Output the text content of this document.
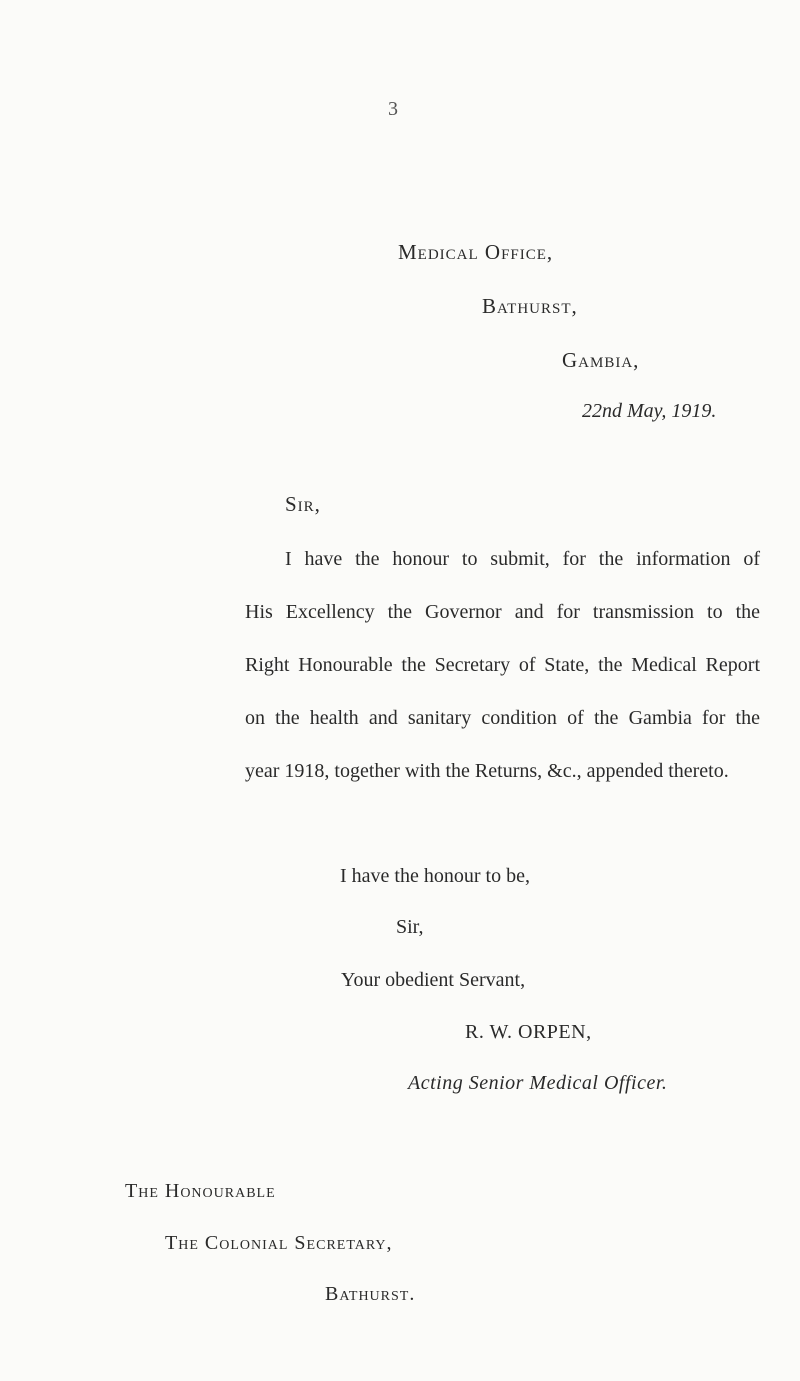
3
Medical Office,
Bathurst,
Gambia,
22nd May, 1919.
Sir,
I have the honour to submit, for the information of
His Excellency the Governor and for transmission to the
Right Honourable the Secretary of State, the Medical Report
on the health and sanitary condition of the Gambia for the
year 1918, together with the Returns, &c., appended thereto.
I have the honour to be,
Sir,
Your obedient Servant,
R. W. ORPEN,
Acting Senior Medical Officer.
The Honourable
The Colonial Secretary,
Bathurst.
